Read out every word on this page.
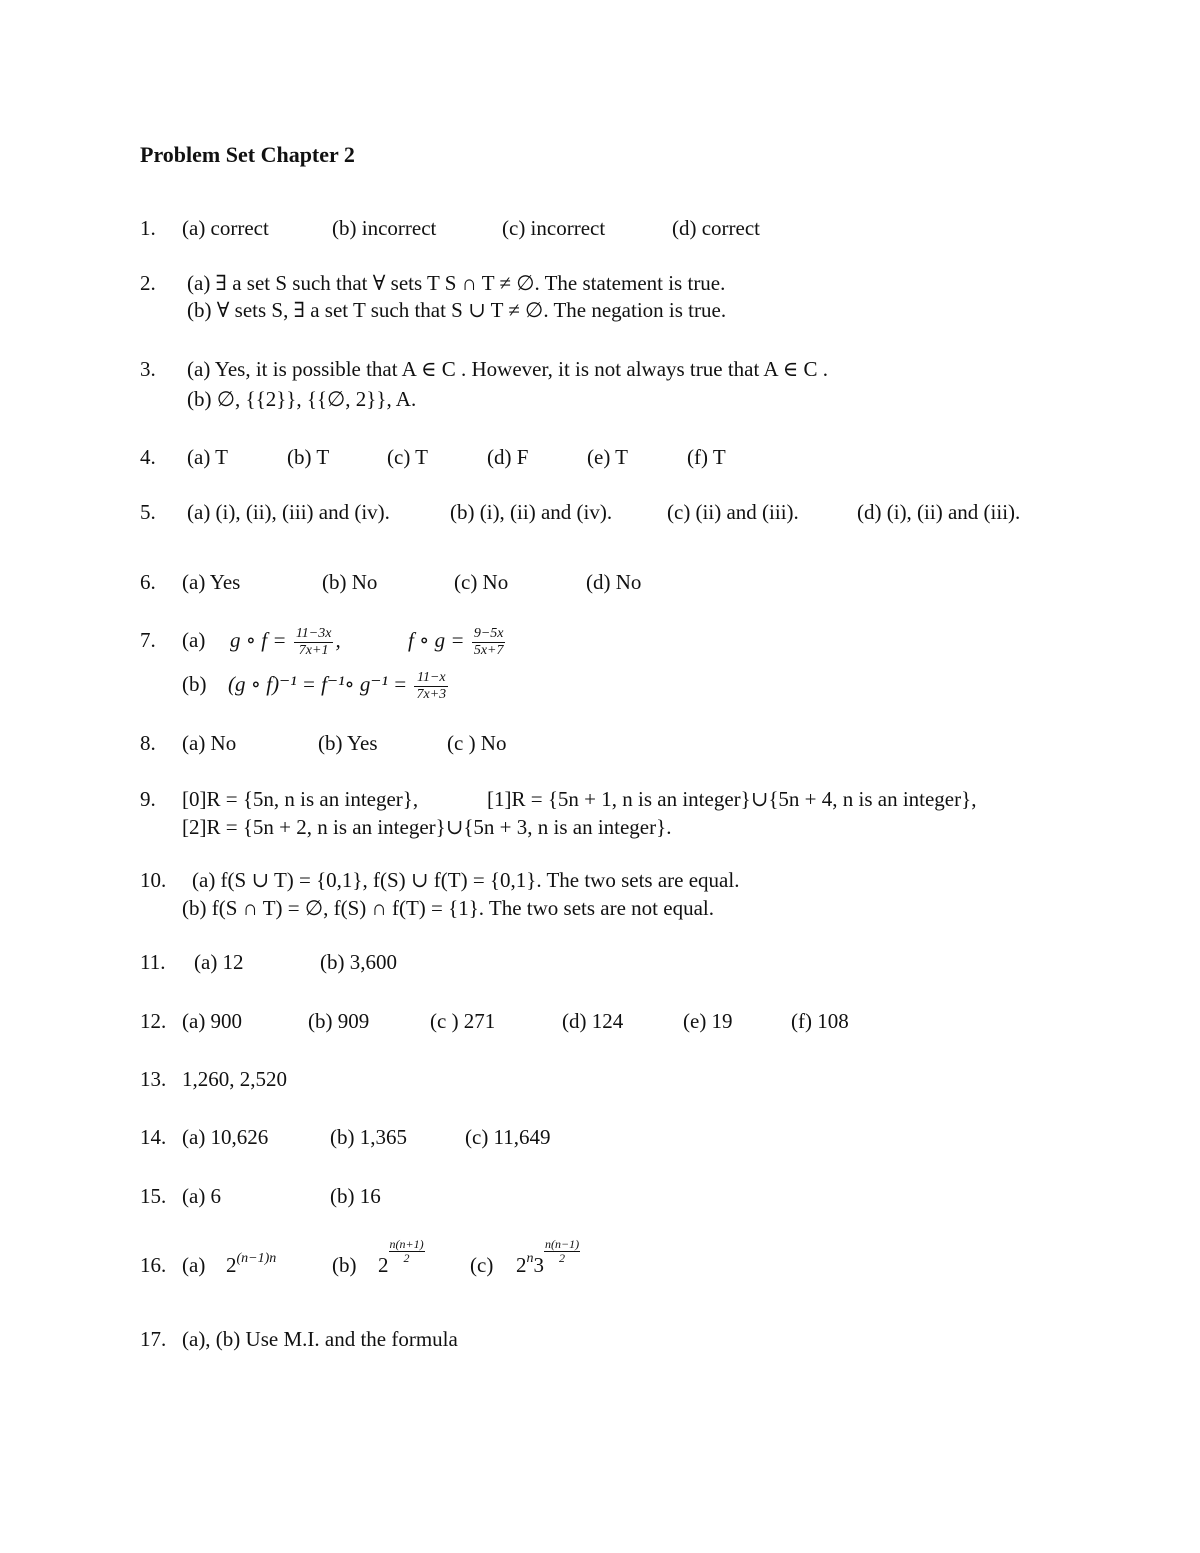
Problem Set Chapter 2
1. (a) correct	(b) incorrect	(c) incorrect	(d) correct
2. (a) ∃ a set S such that ∀ sets T S ∩ T ≠ ∅. The statement is true.
(b) ∀ sets S, ∃ a set T such that S ∪ T ≠ ∅. The negation is true.
3. (a) Yes, it is possible that A ∈ C . However, it is not always true that A ∈ C .
(b) ∅, {{2}}, {{∅, 2}}, A.
4. (a) T	(b) T	(c) T	(d) F	(e) T	(f) T
5. (a) (i), (ii), (iii) and (iv).	(b) (i), (ii) and (iv).	(c) (ii) and (iii).	(d) (i), (ii) and (iii).
6. (a) Yes	(b) No	(c) No	(d) No
7. (a) g ∘ $f = \frac{11-3x}{7x+1}$ ,	f ∘ $g = \frac{9-5x}{5x+7}$
(b) (g ∘ f)⁻¹ = f⁻¹∘ $g^{-1} = \frac{11-x}{7x+3}$
8. (a) No	(b) Yes	(c ) No
9. [0]R = {5n, n is an integer},	[1]R = {5n + 1, n is an integer}∪{5n + 4, n is an integer},
[2]R = {5n + 2, n is an integer}∪{5n + 3, n is an integer}.
10. (a) f(S ∪ T) = {0,1}, f(S) ∪ f(T) = {0,1}. The two sets are equal.
(b) f(S ∩ T) = ∅, f(S) ∩ f(T) = {1}. The two sets are not equal.
11. (a) 12	(b) 3,600
12. (a) 900	(b) 909	(c ) 271	(d) 124	(e) 19	(f) 108
13. 1,260, 2,520
14. (a) 10,626	(b) 1,365	(c) 11,649
15. (a) 6	(b) 16
16. (a) $2^{(n-1)n}$	(b) $2 \frac{n(n+1)}{2} (c)$ $2^n3 \frac{n(n-1)}{2}$
17. (a), (b) Use M.I. and the formula
